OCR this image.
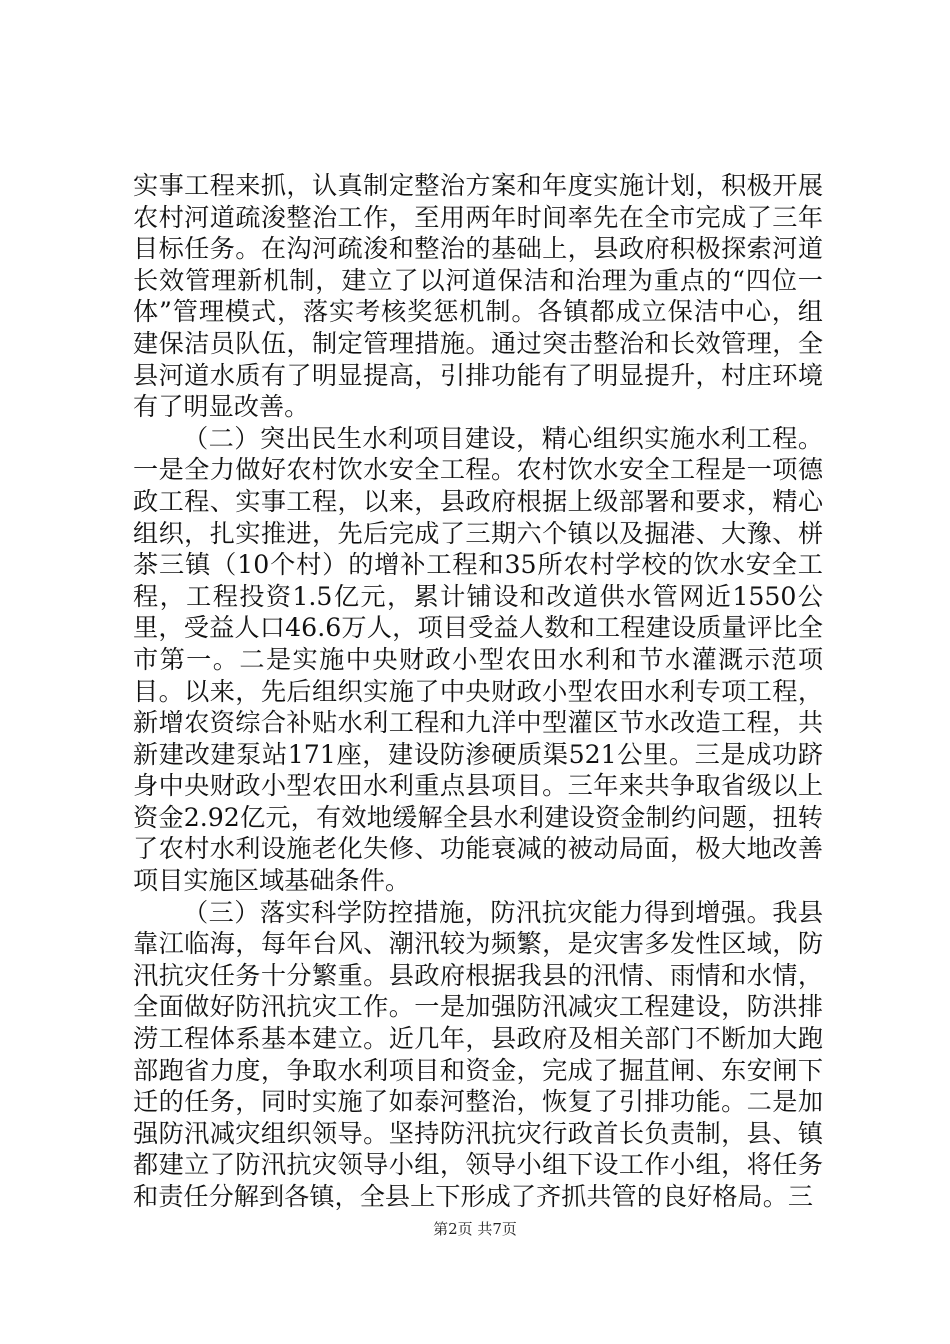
实事工程来抓，认真制定整治方案和年度实施计划，积极开展农村河道疏浚整治工作，至用两年时间率先在全市完成了三年目标任务。在沟河疏浚和整治的基础上，县政府积极探索河道长效管理新机制，建立了以河道保洁和治理为重点的“四位一体”管理模式，落实考核奖惩机制。各镇都成立保洁中心，组建保洁员队伍，制定管理措施。通过突击整治和长效管理，全县河道水质有了明显提高，引排功能有了明显提升，村庄环境有了明显改善。

（二）突出民生水利项目建设，精心组织实施水利工程。一是全力做好农村饮水安全工程。农村饮水安全工程是一项德政工程、实事工程，以来，县政府根据上级部署和要求，精心组织，扎实推进，先后完成了三期六个镇以及掘港、大豫、栟茶三镇（10个村）的增补工程和35所农村学校的饮水安全工程，工程投资1.5亿元，累计铺设和改道供水管网近1550公里，受益人口46.6万人，项目受益人数和工程建设质量评比全市第一。二是实施中央财政小型农田水利和节水灌溉示范项目。以来，先后组织实施了中央财政小型农田水利专项工程，新增农资综合补贴水利工程和九洋中型灌区节水改造工程，共新建改建泵站171座，建设防渗硬质渠521公里。三是成功跻身中央财政小型农田水利重点县项目。三年来共争取省级以上资金2.92亿元，有效地缓解全县水利建设资金制约问题，扭转了农村水利设施老化失修、功能衰减的被动局面，极大地改善项目实施区域基础条件。

（三）落实科学防控措施，防汛抗灾能力得到增强。我县靠江临海，每年台风、潮汛较为频繁，是灾害多发性区域，防汛抗灾任务十分繁重。县政府根据我县的汛情、雨情和水情，全面做好防汛抗灾工作。一是加强防汛减灾工程建设，防洪排涝工程体系基本建立。近几年，县政府及相关部门不断加大跑部跑省力度，争取水利项目和资金，完成了掘苴闸、东安闸下迁的任务，同时实施了如泰河整治，恢复了引排功能。二是加强防汛减灾组织领导。坚持防汛抗灾行政首长负责制，县、镇都建立了防汛抗灾领导小组，领导小组下设工作小组，将任务和责任分解到各镇，全县上下形成了齐抓共管的良好格局。三

第2页 共7页
